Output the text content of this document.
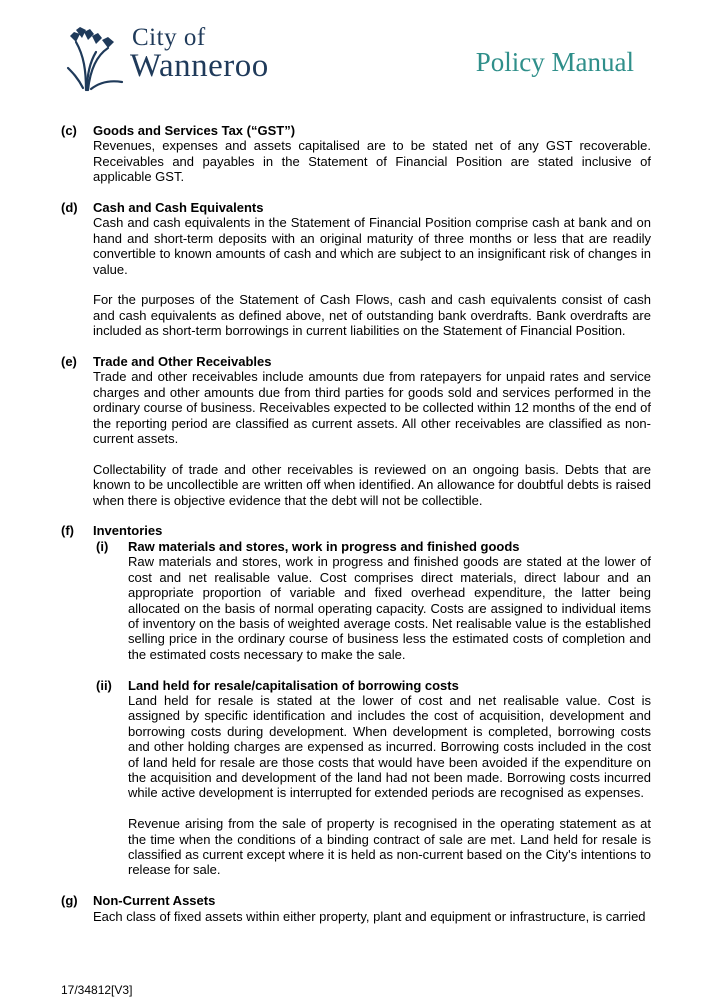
City of
Wanneroo	Policy Manual
(c) Goods and Services Tax (“GST”)

Revenues, expenses and assets capitalised are to be stated net of any GST recoverable. Receivables and payables in the Statement of Financial Position are stated inclusive of applicable GST.

(d) Cash and Cash Equivalents

Cash and cash equivalents in the Statement of Financial Position comprise cash at bank and on hand and short-term deposits with an original maturity of three months or less that are readily convertible to known amounts of cash and which are subject to an insignificant risk of changes in value.

For the purposes of the Statement of Cash Flows, cash and cash equivalents consist of cash and cash equivalents as defined above, net of outstanding bank overdrafts. Bank overdrafts are included as short-term borrowings in current liabilities on the Statement of Financial Position.

(e) Trade and Other Receivables

Trade and other receivables include amounts due from ratepayers for unpaid rates and service charges and other amounts due from third parties for goods sold and services performed in the ordinary course of business. Receivables expected to be collected within 12 months of the end of the reporting period are classified as current assets. All other receivables are classified as non-current assets.

Collectability of trade and other receivables is reviewed on an ongoing basis. Debts that are known to be uncollectible are written off when identified. An allowance for doubtful debts is raised when there is objective evidence that the debt will not be collectible.

(f) Inventories
(i) Raw materials and stores, work in progress and finished goods

Raw materials and stores, work in progress and finished goods are stated at the lower of cost and net realisable value. Cost comprises direct materials, direct labour and an appropriate proportion of variable and fixed overhead expenditure, the latter being allocated on the basis of normal operating capacity. Costs are assigned to individual items of inventory on the basis of weighted average costs. Net realisable value is the established selling price in the ordinary course of business less the estimated costs of completion and the estimated costs necessary to make the sale.

(ii) Land held for resale/capitalisation of borrowing costs

Land held for resale is stated at the lower of cost and net realisable value. Cost is assigned by specific identification and includes the cost of acquisition, development and borrowing costs during development. When development is completed, borrowing costs and other holding charges are expensed as incurred. Borrowing costs included in the cost of land held for resale are those costs that would have been avoided if the expenditure on the acquisition and development of the land had not been made. Borrowing costs incurred while active development is interrupted for extended periods are recognised as expenses.

Revenue arising from the sale of property is recognised in the operating statement as at the time when the conditions of a binding contract of sale are met. Land held for resale is classified as current except where it is held as non-current based on the City's intentions to release for sale.

(g) Non-Current Assets

Each class of fixed assets within either property, plant and equipment or infrastructure, is carried

17/34812[V3]
